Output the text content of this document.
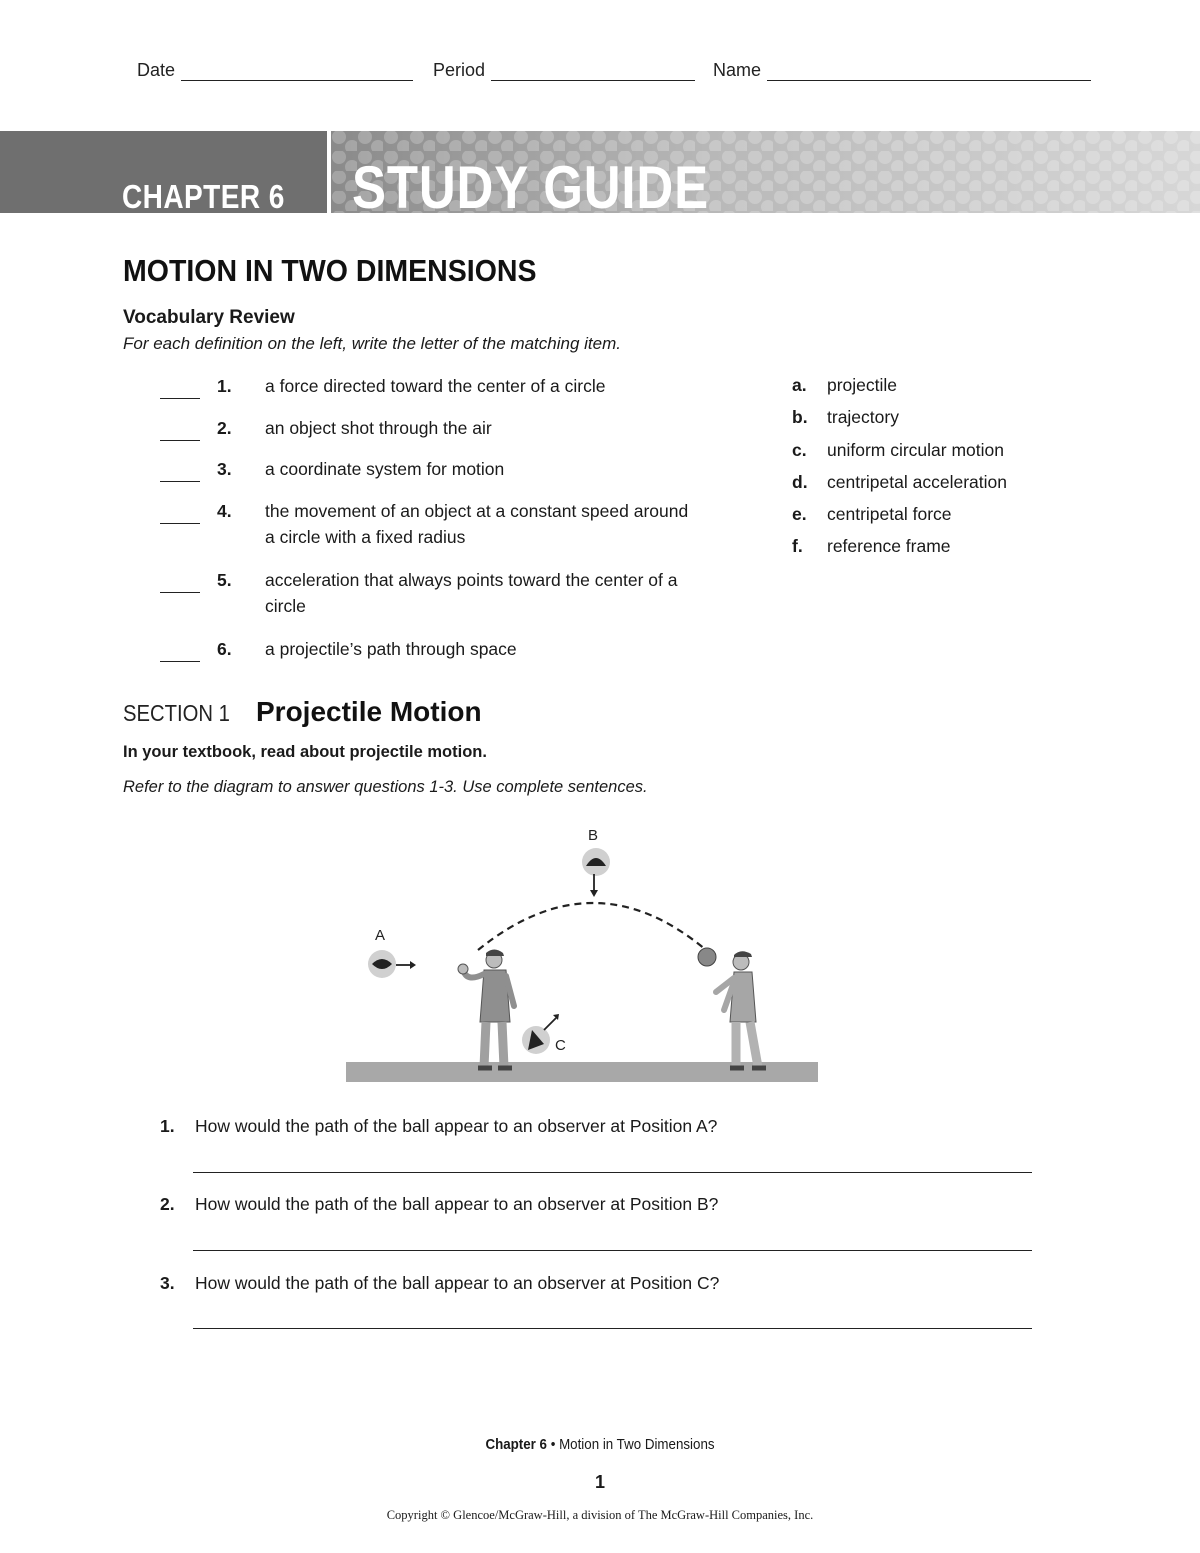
Date	Period	Name
CHAPTER 6 STUDY GUIDE
MOTION IN TWO DIMENSIONS
Vocabulary Review
For each definition on the left, write the letter of the matching item.
1. a force directed toward the center of a circle
2. an object shot through the air
3. a coordinate system for motion
4. the movement of an object at a constant speed around a circle with a fixed radius
5. acceleration that always points toward the center of a circle
6. a projectile’s path through space
a. projectile
b. trajectory
c. uniform circular motion
d. centripetal acceleration
e. centripetal force
f. reference frame
SECTION 1 Projectile Motion
In your textbook, read about projectile motion.
Refer to the diagram to answer questions 1-3. Use complete sentences.
A
B
C
1. How would the path of the ball appear to an observer at Position A?
2. How would the path of the ball appear to an observer at Position B?
3. How would the path of the ball appear to an observer at Position C?
Chapter 6 • Motion in Two Dimensions
1
Copyright © Glencoe/McGraw-Hill, a division of The McGraw-Hill Companies, Inc.
